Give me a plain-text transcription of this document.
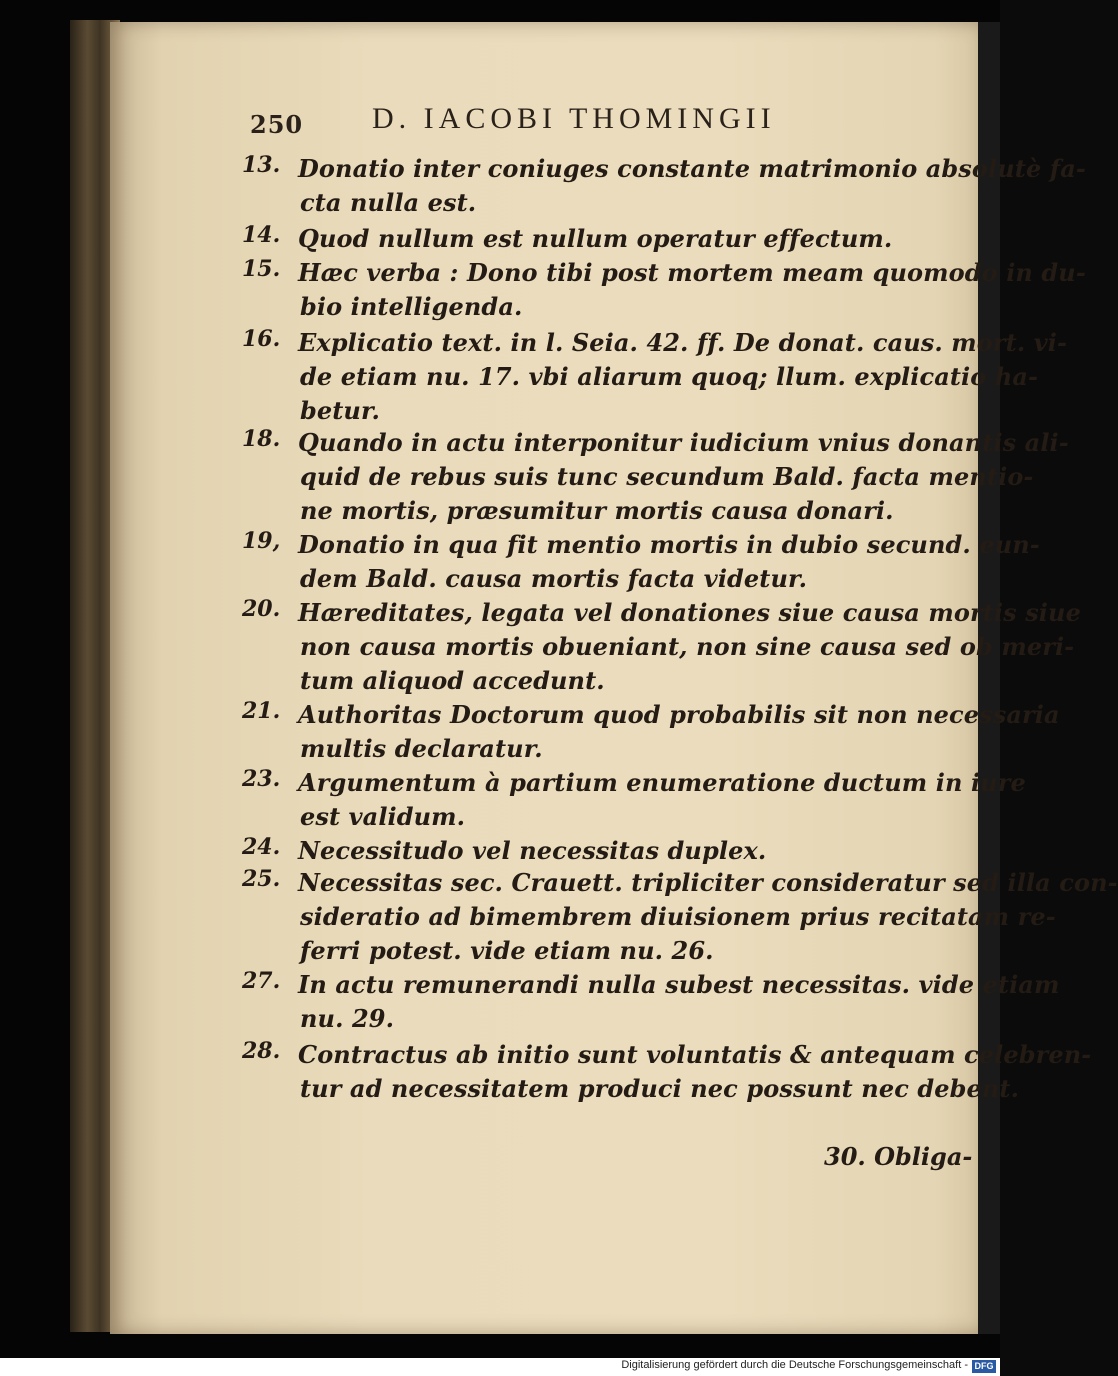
250 D. IACOBI THOMINGII
13. Donatio inter coniuges constante matrimonio absolutè fa-
cta nulla est.
14. Quod nullum est nullum operatur effectum.
15. Hæc verba : Dono tibi post mortem meam quomodo in du-
bio intelligenda.
16. Explicatio text. in l. Seia. 42. ff. De donat. caus. mort. vi-
de etiam nu. 17. vbi aliarum quoq; llum. explicatio ha-
betur.
18. Quando in actu interponitur iudicium vnius donantis ali-
quid de rebus suis tunc secundum Bald. facta mentio-
ne mortis, præsumitur mortis causa donari.
19, Donatio in qua fit mentio mortis in dubio secund. eun-
dem Bald. causa mortis facta videtur.
20. Hæreditates, legata vel donationes siue causa mortis siue
non causa mortis obueniant, non sine causa sed ob meri-
tum aliquod accedunt.
21. Authoritas Doctorum quod probabilis sit non necessaria
multis declaratur.
23. Argumentum à partium enumeratione ductum in iure
est validum.
24. Necessitudo vel necessitas duplex.
25. Necessitas sec. Crauett. tripliciter consideratur sed illa con-
sideratio ad bimembrem diuisionem prius recitatam re-
ferri potest. vide etiam nu. 26.
27. In actu remunerandi nulla subest necessitas. vide etiam
nu. 29.
28. Contractus ab initio sunt voluntatis & antequam celebren-
tur ad necessitatem produci nec possunt nec debent.
30. Obliga-
Digitalisierung gefördert durch die Deutsche Forschungsgemeinschaft - DFG
